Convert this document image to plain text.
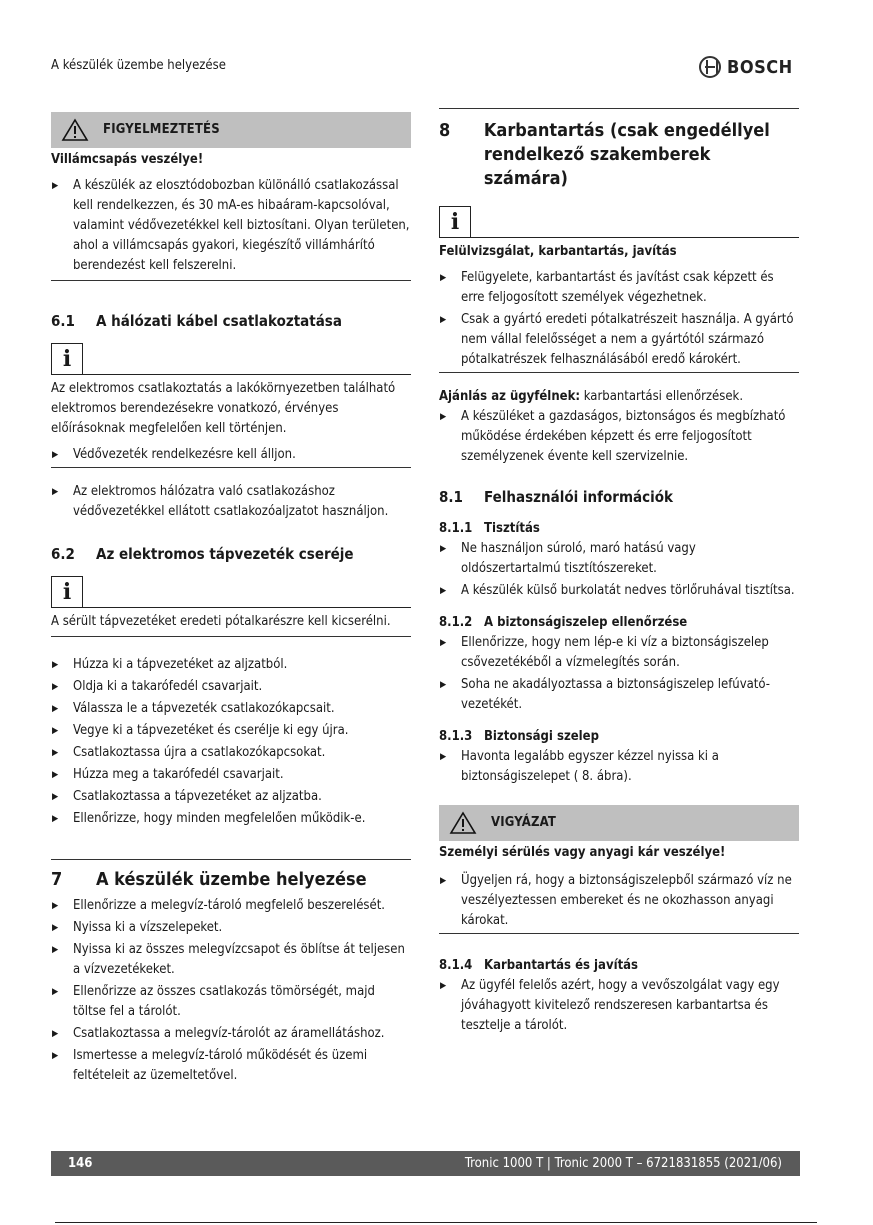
A készülék üzembe helyezése	BOSCH
FIGYELMEZTETÉS
Villámcsapás veszélye!
▶ A készülék az elosztódobozban különálló csatlakozással kell rendelkezzen, és 30 mA-es hibaáram-kapcsolóval, valamint védővezetékkel kell biztosítani. Olyan területen, ahol a villámcsapás gyakori, kiegészítő villámhárító berendezést kell felszerelni.
6.1	A hálózati kábel csatlakoztatása
i
Az elektromos csatlakoztatás a lakókörnyezetben található elektromos berendezésekre vonatkozó, érvényes előírásoknak megfelelően kell történjen.
▶ Védővezeték rendelkezésre kell álljon.
▶ Az elektromos hálózatra való csatlakozáshoz védővezetékkel ellátott csatlakozóaljzatot használjon.
6.2	Az elektromos tápvezeték cseréje
i
A sérült tápvezetéket eredeti pótalkarészre kell kicserélni.
▶ Húzza ki a tápvezetéket az aljzatból.
▶ Oldja ki a takarófedél csavarjait.
▶ Válassza le a tápvezeték csatlakozókapcsait.
▶ Vegye ki a tápvezetéket és cserélje ki egy újra.
▶ Csatlakoztassa újra a csatlakozókapcsokat.
▶ Húzza meg a takarófedél csavarjait.
▶ Csatlakoztassa a tápvezetéket az aljzatba.
▶ Ellenőrizze, hogy minden megfelelően működik-e.
7	A készülék üzembe helyezése
▶ Ellenőrizze a melegvíz-tároló megfelelő beszerelését.
▶ Nyissa ki a vízszelepeket.
▶ Nyissa ki az összes melegvízcsapot és öblítse át teljesen a vízvezetékeket.
▶ Ellenőrizze az összes csatlakozás tömörségét, majd töltse fel a tárolót.
▶ Csatlakoztassa a melegvíz-tárolót az áramellátáshoz.
▶ Ismertesse a melegvíz-tároló működését és üzemi feltételeit az üzemeltetővel.
8	Karbantartás (csak engedéllyel
rendelkező szakemberek számára)
i
Felülvizsgálat, karbantartás, javítás
▶ Felügyelete, karbantartást és javítást csak képzett és erre feljogosított személyek végezhetnek.
▶ Csak a gyártó eredeti pótalkatrészeit használja. A gyártó nem vállal felelősséget a nem a gyártótól származó pótalkatrészek felhasználásából eredő károkért.
Ajánlás az ügyfélnek: karbantartási ellenőrzések.
▶ A készüléket a gazdaságos, biztonságos és megbízható működése érdekében képzett és erre feljogosított személyzenek évente kell szervizelnie.
8.1	Felhasználói információk
8.1.1 Tisztítás
▶ Ne használjon súroló, maró hatású vagy oldószertartalmú tisztítószereket.
▶ A készülék külső burkolatát nedves törlőruhával tisztítsa.
8.1.2 A biztonságiszelep ellenőrzése
▶ Ellenőrizze, hogy nem lép-e ki víz a biztonságiszelep csővezetékéből a vízmelegítés során.
▶ Soha ne akadályoztassa a biztonságiszelep lefúvató-vezetékét.
8.1.3 Biztonsági szelep
▶ Havonta legalább egyszer kézzel nyissa ki a biztonságiszelepet ( 8. ábra).
VIGYÁZAT
Személyi sérülés vagy anyagi kár veszélye!
▶ Ügyeljen rá, hogy a biztonságiszelepből származó víz ne veszélyeztessen embereket és ne okozhasson anyagi károkat.
8.1.4 Karbantartás és javítás
▶ Az ügyfél felelős azért, hogy a vevőszolgálat vagy egy jóváhagyott kivitelező rendszeresen karbantartsa és tesztelje a tárolót.
146	Tronic 1000 T | Tronic 2000 T – 6721831855 (2021/06)
